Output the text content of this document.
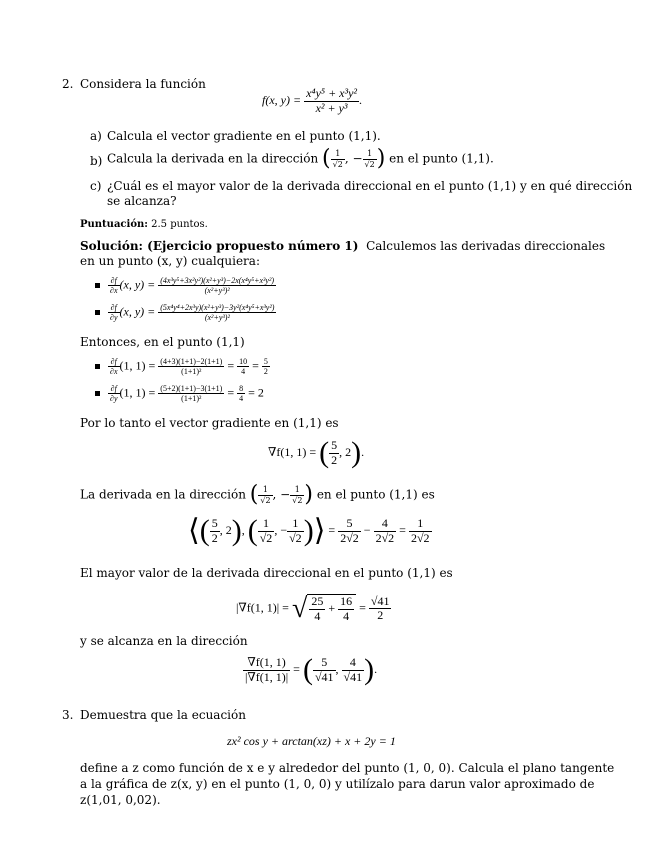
2. Considera la función
f(x, $y) = \frac{\text{x⁴y⁵ + x³y²}}{\text{x² + y³}}$ .
a) Calcula el vector gradiente en el punto (1,1).
b) Calcula la derivada en la dirección ( $\frac{1}{√2}$ , − $\frac{1}{√2}$ ) en el punto (1,1).
c) ¿Cuál es el mayor valor de la derivada direccional en el punto (1,1) y en qué dirección
se alcanza?
Puntuación: 2.5 puntos.
Solución: (Ejercicio propuesto número 1) Calculemos las derivadas direccionales
en un punto (x, y) cualquiera:
$\frac{\partial f}{\partial x} (x$, $y) = \frac{\text{(4x³y⁵+3x²y²)(x²+y³)−2x(x⁴y⁵+x³y²)}}{\text{(x²+y³)²}}$
$\frac{\partial f}{\partial y} (x$, $y) = \frac{\text{(5x⁴y⁴+2x³y)(x²+y³)−3y²(x⁴y⁵+x³y²)}}{\text{(x²+y³)²}}$
Entonces, en el punto (1,1)
$\frac{\partial f}{\partial x} (1$, $1) = \frac{(4+3)(1+1)-2(1+1)}{\text{(1+1)²}} = \frac{10}{4} = \frac{5}{2}$
$\frac{\partial f}{\partial y} (1$, $1) = \frac{(5+2)(1+1)-3(1+1)}{\text{(1+1)²}} = \frac{8}{4} = 2$
Por lo tanto el vector gradiente en (1,1) es
∇f(1, 1) = ( $\frac{5}{2}$ , 2).
La derivada en la dirección ( $\frac{1}{√2}$ , − $\frac{1}{√2}$ ) en el punto (1,1) es
⟨( $\frac{5}{2}$ , 2), ( $\frac{1}{√2}$ , − $\frac{1}{√2}$ )⟩ = $\frac{5}{2√2} - \frac{4}{2√2} = \frac{1}{2√2}$
El mayor valor de la derivada direccional en el punto (1,1) es
|∇f(1, 1)| = √ $\frac{25}{4} + \frac{16}{4} = \frac{√41}{2}$
y se alcanza en la dirección
$\frac{\nabla f(1, 1)}{|\nabla f(1, 1)|}$ = ( $\frac{5}{√41}$ , $\frac{4}{√41}$ ).
3. Demuestra que la ecuación
zx² cos y + arctan(xz) + x + 2y = 1
define a z como función de x e y alrededor del punto (1, 0, 0). Calcula el plano tangente
a la gráfica de z(x, y) en el punto (1, 0, 0) y utilízalo para darun valor aproximado de
z(1,01, 0,02).
